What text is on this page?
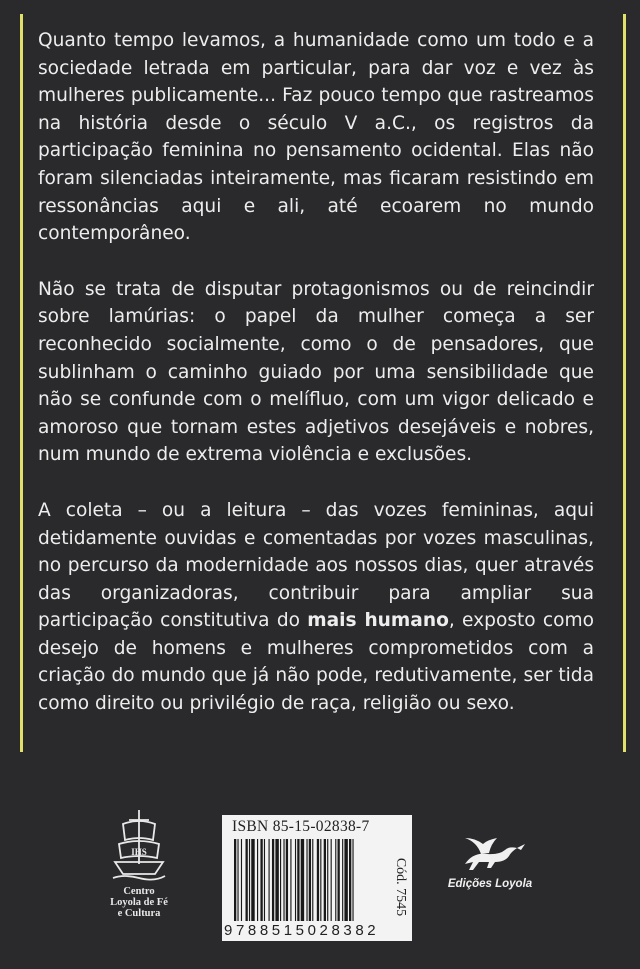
Quanto tempo levamos, a humanidade como um todo e a sociedade letrada em particular, para dar voz e vez às mulheres publicamente... Faz pouco tempo que rastreamos na história desde o século V a.C., os registros da participação feminina no pensamento ocidental. Elas não foram silenciadas inteiramente, mas ficaram resistindo em ressonâncias aqui e ali, até ecoarem no mundo contemporâneo.

Não se trata de disputar protagonismos ou de reincindir sobre lamúrias: o papel da mulher começa a ser reconhecido socialmente, como o de pensadores, que sublinham o caminho guiado por uma sensibilidade que não se confunde com o melífluo, com um vigor delicado e amoroso que tornam estes adjetivos desejáveis e nobres, num mundo de extrema violência e exclusões.

A coleta – ou a leitura – das vozes femininas, aqui detidamente ouvidas e comentadas por vozes masculinas, no percurso da modernidade aos nossos dias, quer através das organizadoras, contribuir para ampliar sua participação constitutiva do mais humano, exposto como desejo de homens e mulheres comprometidos com a criação do mundo que já não pode, redutivamente, ser tida como direito ou privilégio de raça, religião ou sexo.

IHS
Centro
Loyola de Fé
e Cultura
ISBN 85-15-02838-7
9788515028382
Cód. 7545	Edições Loyola
